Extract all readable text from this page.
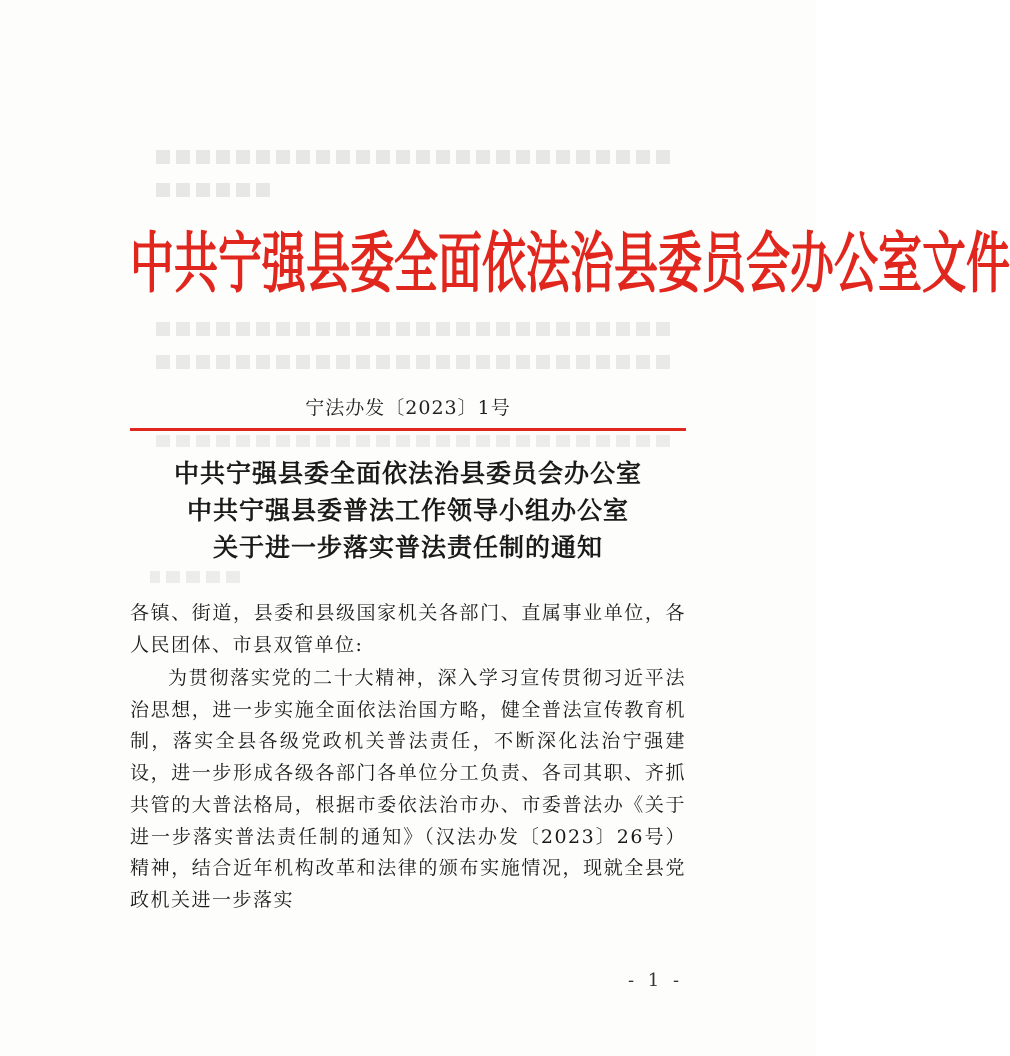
中共宁强县委全面依法治县委员会办公室文件
宁法办发〔2023〕1号
中共宁强县委全面依法治县委员会办公室
中共宁强县委普法工作领导小组办公室
关于进一步落实普法责任制的通知
各镇、街道，县委和县级国家机关各部门、直属事业单位，各人民团体、市县双管单位:
为贯彻落实党的二十大精神，深入学习宣传贯彻习近平法治思想，进一步实施全面依法治国方略，健全普法宣传教育机制，落实全县各级党政机关普法责任，不断深化法治宁强建设，进一步形成各级各部门各单位分工负责、各司其职、齐抓共管的大普法格局，根据市委依法治市办、市委普法办《关于进一步落实普法责任制的通知》（汉法办发〔2023〕26号）精神，结合近年机构改革和法律的颁布实施情况，现就全县党政机关进一步落实
- 1 -
